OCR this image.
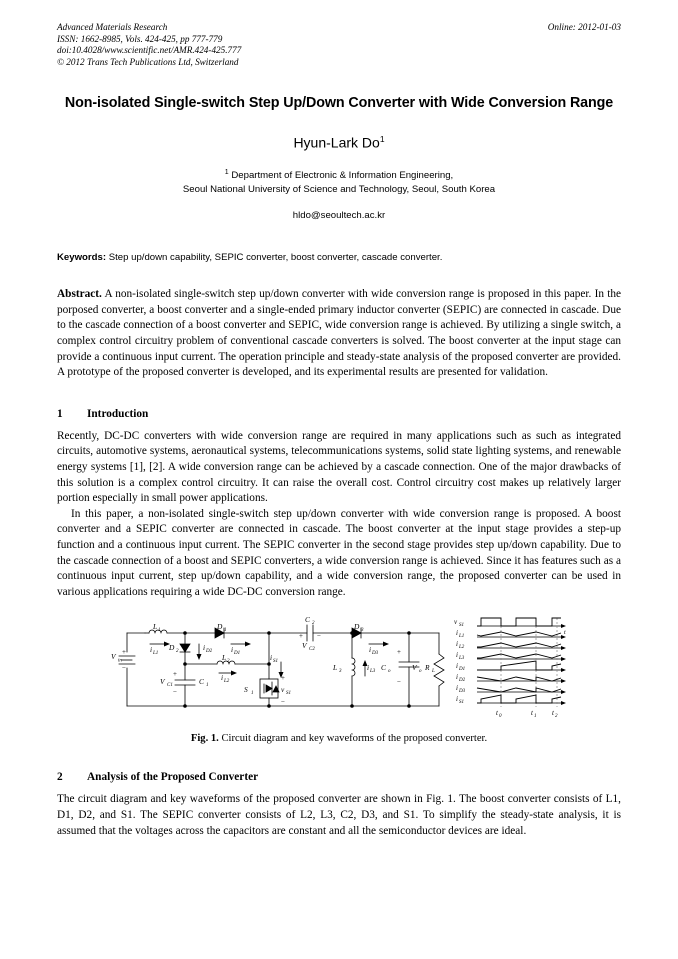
Advanced Materials Research
ISSN: 1662-8985, Vols. 424-425, pp 777-779
doi:10.4028/www.scientific.net/AMR.424-425.777
© 2012 Trans Tech Publications Ltd, Switzerland
Online: 2012-01-03
Non-isolated Single-switch Step Up/Down Converter with Wide Conversion Range
Hyun-Lark Do$^1$
$^1$ Department of Electronic & Information Engineering,
Seoul National University of Science and Technology, Seoul, South Korea
hldo@seoultech.ac.kr
Keywords: Step up/down capability, SEPIC converter, boost converter, cascade converter.
Abstract. A non-isolated single-switch step up/down converter with wide conversion range is proposed in this paper. In the porposed converter, a boost converter and a single-ended primary inductor converter (SEPIC) are connected in cascade. Due to the cascade connection of a boost converter and SEPIC, wide conversion range is achieved. By utilizing a single switch, a complex control circuitry problem of conventional cascade converters is solved. The boost converter at the input stage can provide a continuous input current. The operation principle and steady-state analysis of the proposed converter are provided. A prototype of the proposed converter is developed, and its experimental results are presented for validation.
1	Introduction
Recently, DC-DC converters with wide conversion range are required in many applications such as such as integrated circuits, automotive systems, aeronautical systems, telecommunications systems, solid state lighting systems, and renewable energy systems [1], [2]. A wide conversion range can be achieved by a cascade connection. One of the major drawbacks of this solution is a complex control circuitry. It can raise the overall cost. Control circuitry cost makes up relatively larger portion especially in small power applications.
In this paper, a non-isolated single-switch step up/down converter with wide conversion range is proposed. A boost converter and a SEPIC converter are connected in cascade. The boost converter at the input stage provides a step-up function and a continuous input current. The SEPIC converter in the second stage provides step up/down capability. Due to the cascade connection of a boost and SEPIC converters, a wide conversion range is achieved. Since it has features such as a continuous input current, step up/down capability, and a wide conversion range, the proposed converter can be used in various applications requiring a wide DC-DC conversion range.
V in
L 1
i L1
D 2	i D2
V C1	C 1
D 1
i D1
L 2
i L2
i S1
S 1	v S1
C 2
V C2
D 3
i D3
L 3	i L3 C o	V o R L
+
−
+
−
+ −
+
−
+
−
v S1
i L1
i L2
i L3
i D1
i D2
i D3
i S1
t 0	t 1 t 2
t
Fig. 1. Circuit diagram and key waveforms of the proposed converter.
2	Analysis of the Proposed Converter
The circuit diagram and key waveforms of the proposed converter are shown in Fig. 1. The boost converter consists of L1, D1, D2, and S1. The SEPIC converter consists of L2, L3, C2, D3, and S1. To simplify the steady-state analysis, it is assumed that the voltages across the capacitors are constant and all the semiconductor devices are ideal.
